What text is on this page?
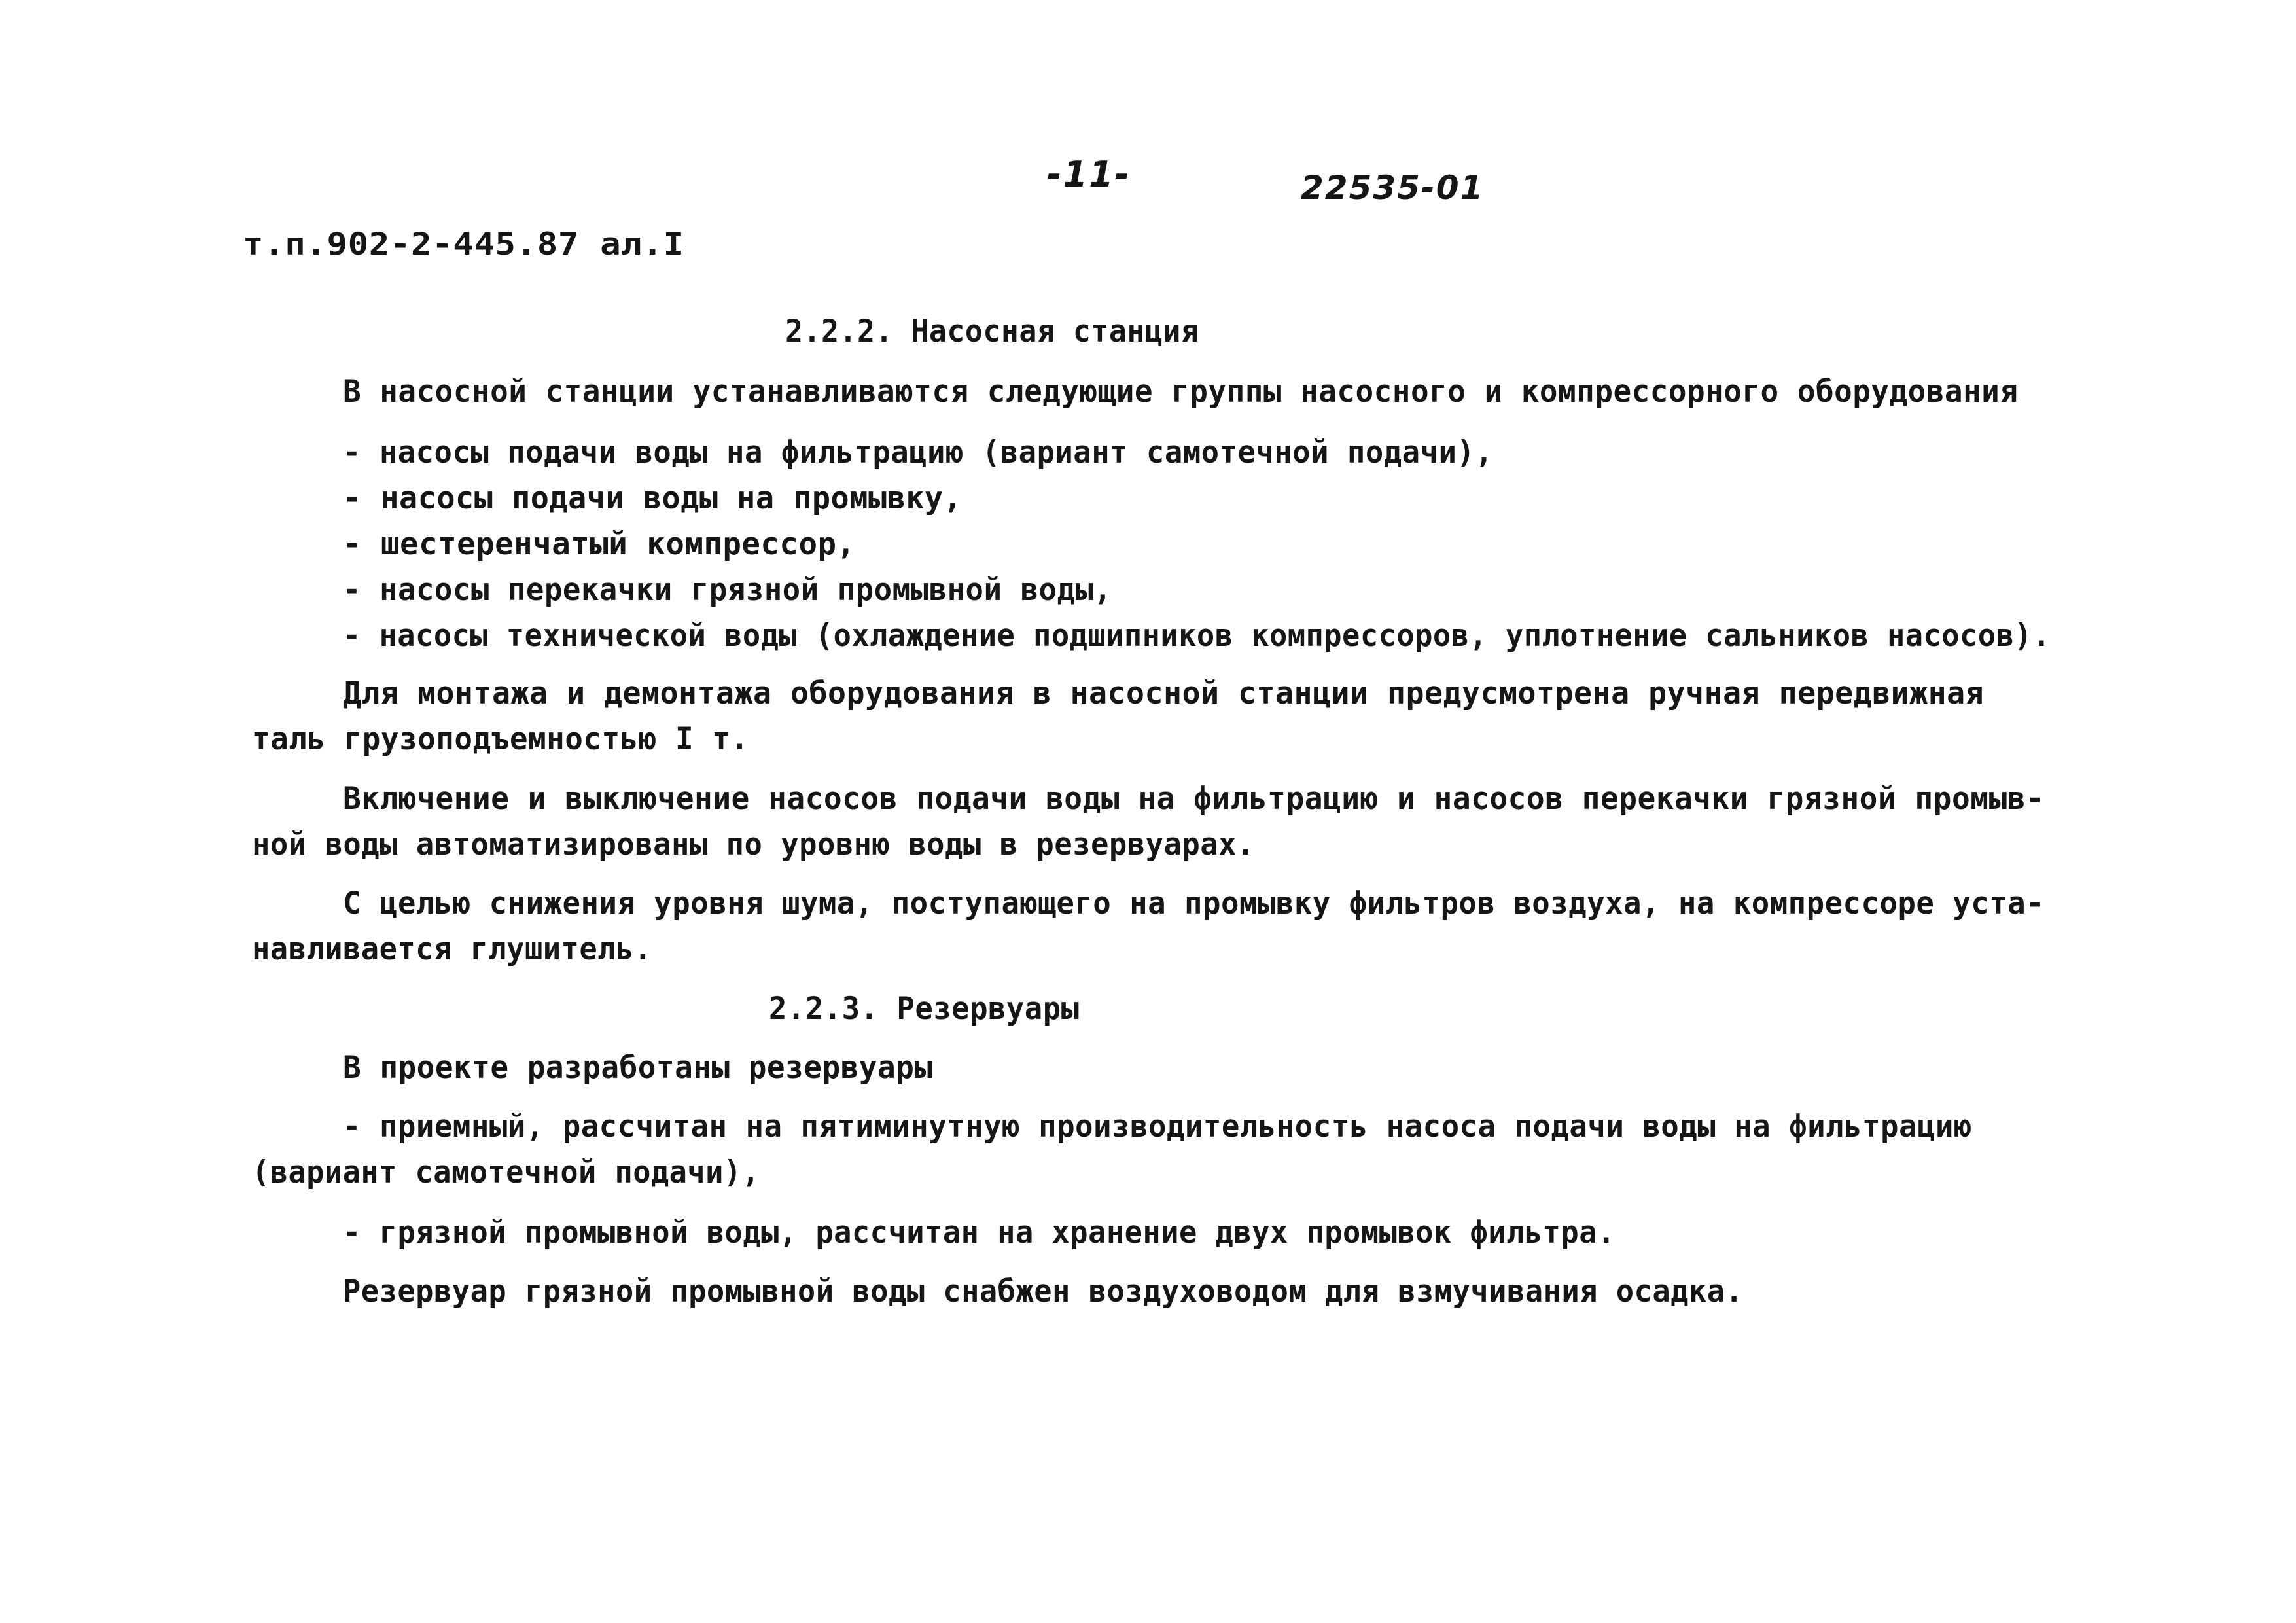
-11-	22535-01
т.п.902-2-445.87 ал.I
2.2.2. Насосная станция
В насосной станции устанавливаются следующие группы насосного и компрессорного оборудования
- насосы подачи воды на фильтрацию (вариант самотечной подачи),
- насосы подачи воды на промывку,
- шестеренчатый компрессор,
- насосы перекачки грязной промывной воды,
- насосы технической воды (охлаждение подшипников компрессоров, уплотнение сальников насосов).
Для монтажа и демонтажа оборудования в насосной станции предусмотрена ручная передвижная
таль грузоподъемностью I т.
Включение и выключение насосов подачи воды на фильтрацию и насосов перекачки грязной промыв-
ной воды автоматизированы по уровню воды в резервуарах.
С целью снижения уровня шума, поступающего на промывку фильтров воздуха, на компрессоре уста-
навливается глушитель.
2.2.3. Резервуары
В проекте разработаны резервуары
- приемный, рассчитан на пятиминутную производительность насоса подачи воды на фильтрацию
(вариант самотечной подачи),
- грязной промывной воды, рассчитан на хранение двух промывок фильтра.
Резервуар грязной промывной воды снабжен воздуховодом для взмучивания осадка.
